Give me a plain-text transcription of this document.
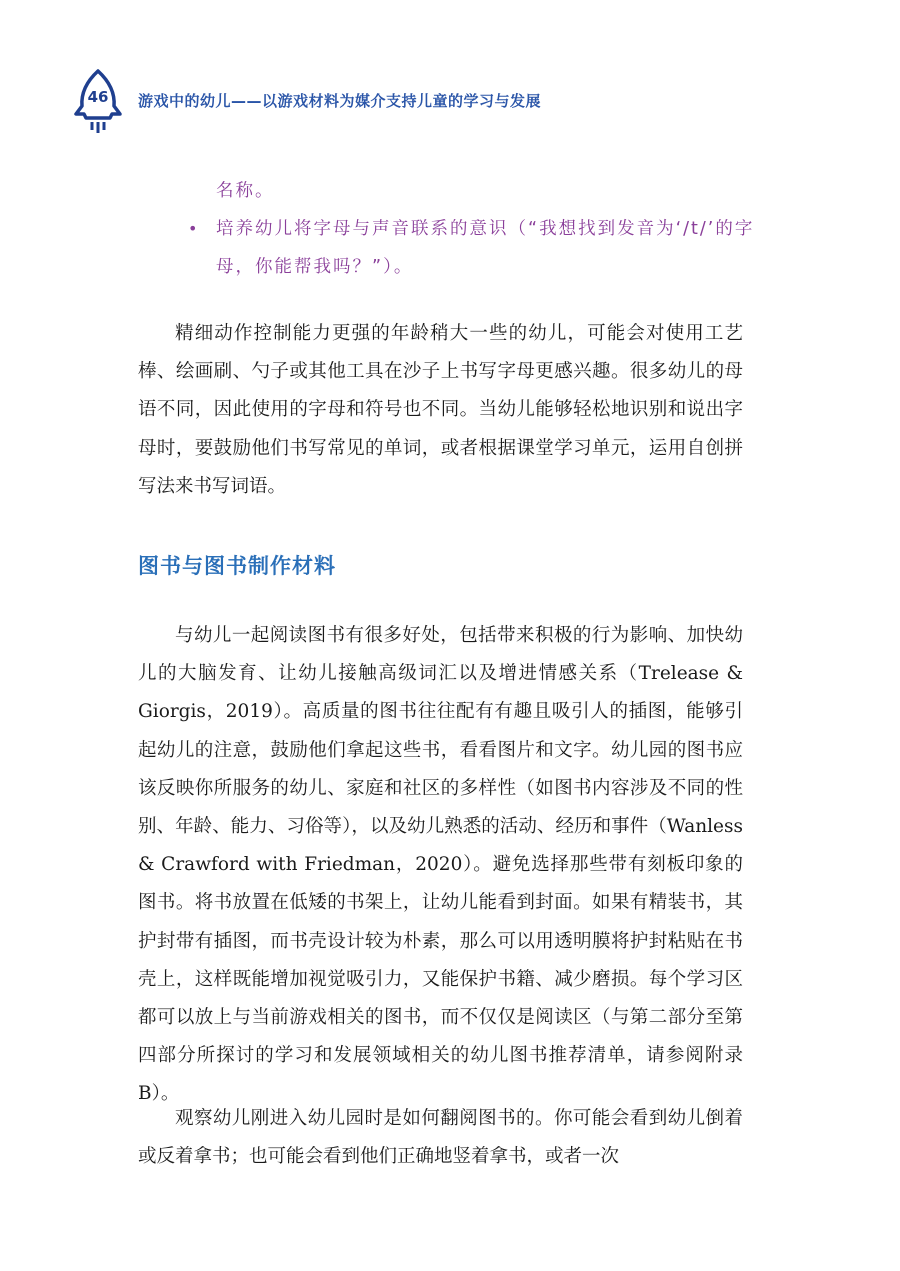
46	游戏中的幼儿——以游戏材料为媒介支持儿童的学习与发展

名称。

• 培养幼儿将字母与声音联系的意识（“我想找到发音为‘/t/’的字母，你能帮我吗？”）。

精细动作控制能力更强的年龄稍大一些的幼儿，可能会对使用工艺棒、绘画刷、勺子或其他工具在沙子上书写字母更感兴趣。很多幼儿的母语不同，因此使用的字母和符号也不同。当幼儿能够轻松地识别和说出字母时，要鼓励他们书写常见的单词，或者根据课堂学习单元，运用自创拼写法来书写词语。

图书与图书制作材料

与幼儿一起阅读图书有很多好处，包括带来积极的行为影响、加快幼儿的大脑发育、让幼儿接触高级词汇以及增进情感关系（Trelease & Giorgis，2019）。高质量的图书往往配有有趣且吸引人的插图，能够引起幼儿的注意，鼓励他们拿起这些书，看看图片和文字。幼儿园的图书应该反映你所服务的幼儿、家庭和社区的多样性（如图书内容涉及不同的性别、年龄、能力、习俗等），以及幼儿熟悉的活动、经历和事件（Wanless & Crawford with Friedman，2020）。避免选择那些带有刻板印象的图书。将书放置在低矮的书架上，让幼儿能看到封面。如果有精装书，其护封带有插图，而书壳设计较为朴素，那么可以用透明膜将护封粘贴在书壳上，这样既能增加视觉吸引力，又能保护书籍、减少磨损。每个学习区都可以放上与当前游戏相关的图书，而不仅仅是阅读区（与第二部分至第四部分所探讨的学习和发展领域相关的幼儿图书推荐清单，请参阅附录B）。

观察幼儿刚进入幼儿园时是如何翻阅图书的。你可能会看到幼儿倒着或反着拿书；也可能会看到他们正确地竖着拿书，或者一次
